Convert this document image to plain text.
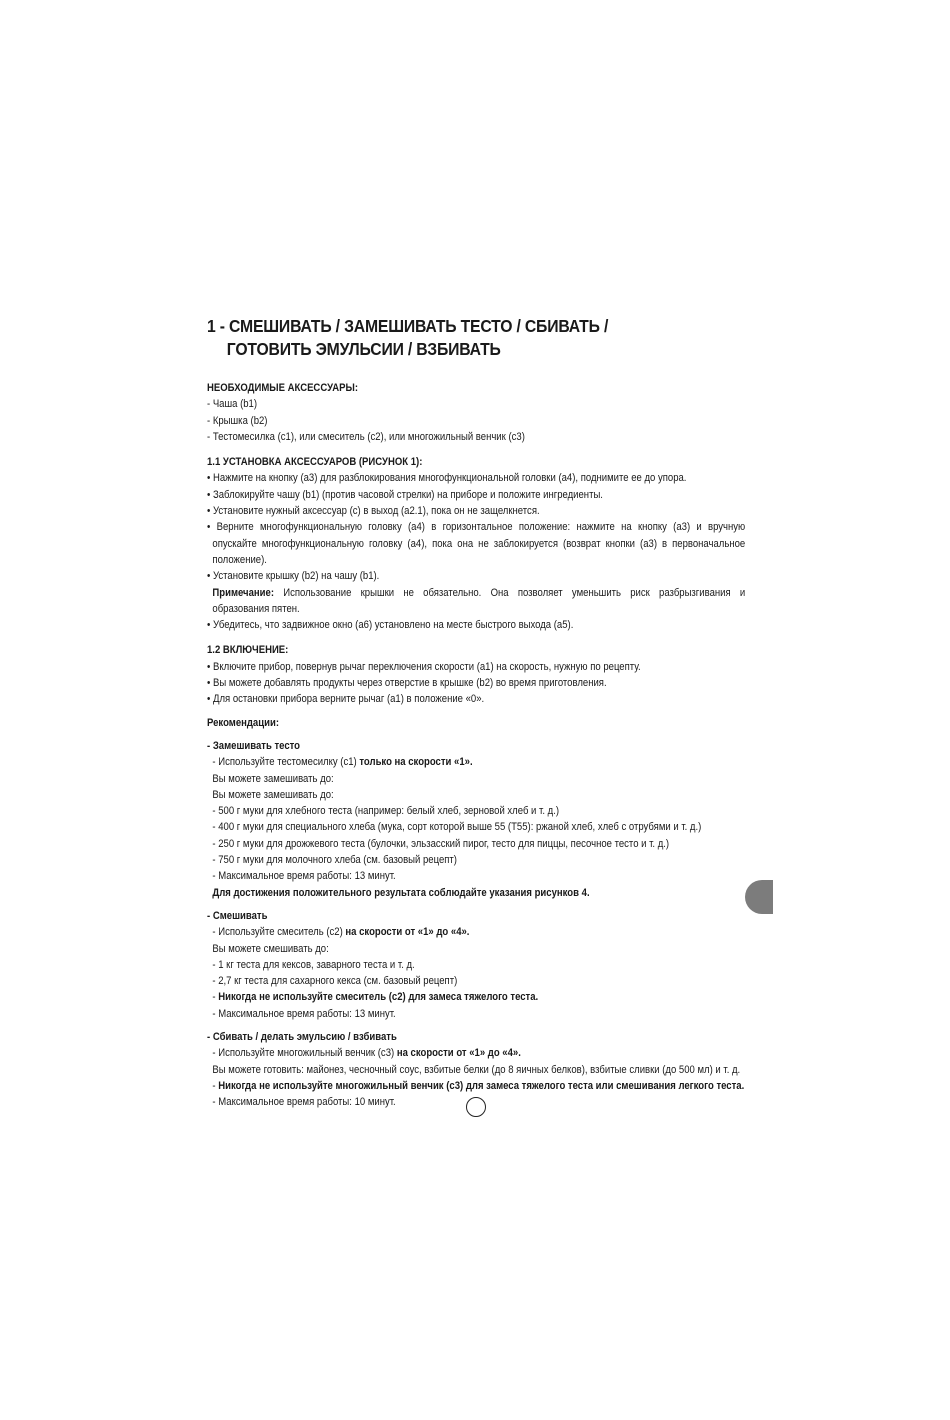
1 - СМЕШИВАТЬ / ЗАМЕШИВАТЬ ТЕСТО / СБИВАТЬ /
ГОТОВИТЬ ЭМУЛЬСИИ / ВЗБИВАТЬ
НЕОБХОДИМЫЕ АКСЕССУАРЫ:
- Чаша (b1)
- Крышка (b2)
- Тестомесилка (c1), или смеситель (c2), или многожильный венчик (c3)
1.1 УСТАНОВКА АКСЕССУАРОВ (РИСУНОК 1):
• Нажмите на кнопку (а3) для разблокирования многофункциональной головки (а4), поднимите ее до упора.
• Заблокируйте чашу (b1) (против часовой стрелки) на приборе и положите ингредиенты.
• Установите нужный аксессуар (с) в выход (а2.1), пока он не защелкнется.
• Верните многофункциональную головку (а4) в горизонтальное положение: нажмите на кнопку (а3) и вручную
опускайте многофункциональную головку (а4), пока она не заблокируется (возврат кнопки (а3) в первоначальное
положение).
• Установите крышку (b2) на чашу (b1).
Примечание: Использование крышки не обязательно. Она позволяет уменьшить риск разбрызгивания и
образования пятен.
• Убедитесь, что задвижное окно (а6) установлено на месте быстрого выхода (а5).
1.2 ВКЛЮЧЕНИЕ:
• Включите прибор, повернув рычаг переключения скорости (а1) на скорость, нужную по рецепту.
• Вы можете добавлять продукты через отверстие в крышке (b2) во время приготовления.
• Для остановки прибора верните рычаг (а1) в положение «0».
Рекомендации:
- Замешивать тесто
- Используйте тестомесилку (с1) только на скорости «1».
Вы можете замешивать до:
Вы можете замешивать до:
- 500 г муки для хлебного теста (например: белый хлеб, зерновой хлеб и т. д.)
- 400 г муки для специального хлеба (мука, сорт которой выше 55 (T55): ржаной хлеб, хлеб с отрубями и т. д.)
- 250 г муки для дрожжевого теста (булочки, эльзасский пирог, тесто для пиццы, песочное тесто и т. д.)
- 750 г муки для молочного хлеба (см. базовый рецепт)
- Максимальное время работы: 13 минут.
Для достижения положительного результата соблюдайте указания рисунков 4.
- Смешивать
- Используйте смеситель (с2) на скорости от «1» до «4».
Вы можете смешивать до:
- 1 кг теста для кексов, заварного теста и т. д.
- 2,7 кг теста для сахарного кекса (см. базовый рецепт)
- Никогда не используйте смеситель (с2) для замеса тяжелого теста.
- Максимальное время работы: 13 минут.
- Сбивать / делать эмульсию / взбивать
- Используйте многожильный венчик (с3) на скорости от «1» до «4».
Вы можете готовить: майонез, чесночный соус, взбитые белки (до 8 яичных белков), взбитые сливки (до 500 мл) и т. д.
- Никогда не используйте многожильный венчик (с3) для замеса тяжелого теста или смешивания легкого теста.
- Максимальное время работы: 10 минут.
